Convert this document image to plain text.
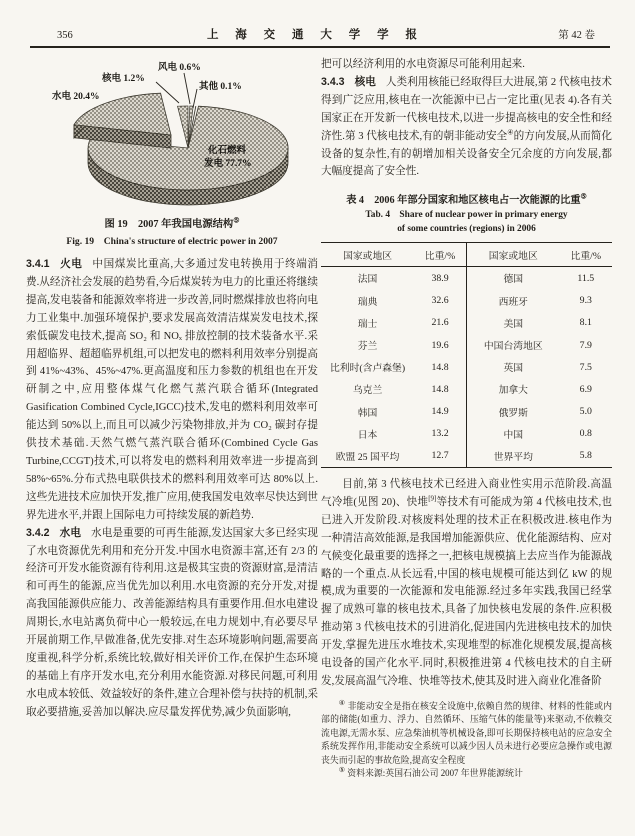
356	上 海 交 通 大 学 学 报	第 42 卷
风电 0.6%
其他 0.1%
核电 1.2%
水电 20.4%
化石燃料
发电 77.7%
图 19　2007 年我国电源结构⑤
Fig. 19　China's structure of electric power in 2007

3.4.1 火电 中国煤炭比重高,大多通过发电转换用于终端消费.从经济社会发展的趋势看,今后煤炭转为电力的比重还将继续提高,发电装备和能源效率将进一步改善,同时燃煤排放也将向电力工业集中.加强环境保护,要求发展高效清洁煤炭发电技术,探索低碳发电技术,提高 SO₂ 和 NOₓ 排放控制的技术装备水平.采用超临界、超超临界机组,可以把发电的燃料利用效率分别提高到 41%~43%、45%~47%.更高温度和压力参数的机组也在开发研制之中,应用整体煤气化燃气蒸汽联合循环(Integrated Gasification Combined Cycle,IGCC)技术,发电的燃料利用效率可能达到 50%以上,而且可以减少污染物排放,并为 CO₂ 碳封存提供技术基础.天然气燃气蒸汽联合循环(Combined Cycle Gas Turbine,CCGT)技术,可以将发电的燃料利用效率进一步提高到 58%~65%.分布式热电联供技术的燃料利用效率可达 80%以上.这些先进技术应加快开发,推广应用,使我国发电效率尽快达到世界先进水平,并跟上国际电力可持续发展的新趋势.

3.4.2 水电 水电是重要的可再生能源,发达国家大多已经实现了水电资源优先利用和充分开发.中国水电资源丰富,还有 2/3 的经济可开发水能资源有待利用.这是极其宝贵的资源财富,是清洁和可再生的能源,应当优先加以利用.水电资源的充分开发,对提高我国能源供应能力、改善能源结构具有重要作用.但水电建设周期长,水电站离负荷中心一般较远,在电力规划中,有必要尽早开展前期工作,早做准备,优先安排.对生态环境影响问题,需要高度重视,科学分析,系统比较,做好相关评价工作,在保护生态环境的基础上有序开发水电,充分利用水能资源.对移民问题,可利用水电成本较低、效益较好的条件,建立合理补偿与扶持的机制,采取必要措施,妥善加以解决.应尽量发挥优势,减少负面影响,

把可以经济利用的水电资源尽可能利用起来.

3.4.3 核电 人类利用核能已经取得巨大进展,第 2 代核电技术得到广泛应用,核电在一次能源中已占一定比重(见表 4).各有关国家正在开发新一代核电技术,以进一步提高核电的安全性和经济性.第 3 代核电技术,有的朝非能动安全④的方向发展,从而简化设备的复杂性,有的朝增加相关设备安全冗余度的方向发展,都大幅度提高了安全性.

表 4　2006 年部分国家和地区核电占一次能源的比重⑤
Tab. 4　Share of nuclear power in primary energy
of some countries (regions) in 2006
国家或地区	比重/%	国家或地区	比重/%
法国	38.9	德国	11.5
瑞典	32.6	西班牙	9.3
瑞士	21.6	美国	8.1
芬兰	19.6	中国台湾地区	7.9
比利时(含卢森堡)	14.8	英国	7.5
乌克兰	14.8	加拿大	6.9
韩国	14.9	俄罗斯	5.0
日本	13.2	中国	0.8
欧盟 25 国平均	12.7	世界平均	5.8

目前,第 3 代核电技术已经进入商业性实用示范阶段.高温气冷堆(见图 20)、快堆[9]等技术有可能成为第 4 代核电技术,也已进入开发阶段.对核废料处理的技术正在积极改进.核电作为一种清洁高效能源,是我国增加能源供应、优化能源结构、应对气候变化最重要的选择之一,把核电规模搞上去应当作为能源战略的一个重点.从长远看,中国的核电规模可能达到亿 kW 的规模,成为重要的一次能源和发电能源.经过多年实践,我国已经掌握了成熟可靠的核电技术,具备了加快核电发展的条件.应积极推动第 3 代核电技术的引进消化,促进国内先进核电技术的加快开发,掌握先进压水堆技术,实现堆型的标准化规模发展,提高核电设备的国产化水平.同时,积极推进第 4 代核电技术的自主研发,发展高温气冷堆、快堆等技术,使其及时进入商业化准备阶

④ 非能动安全是指在核安全设施中,依赖自然的规律、材料的性能或内部的储能(如重力、浮力、自然循环、压缩气体的能量等)来驱动,不依赖交流电源,无需水泵、应急柴油机等机械设备,即可长期保持核电站的应急安全系统发挥作用,非能动安全系统可以减少因人员未进行必要应急操作或电源丧失而引起的事故危险,提高安全程度

⑤ 资料来源:英国石油公司 2007 年世界能源统计
